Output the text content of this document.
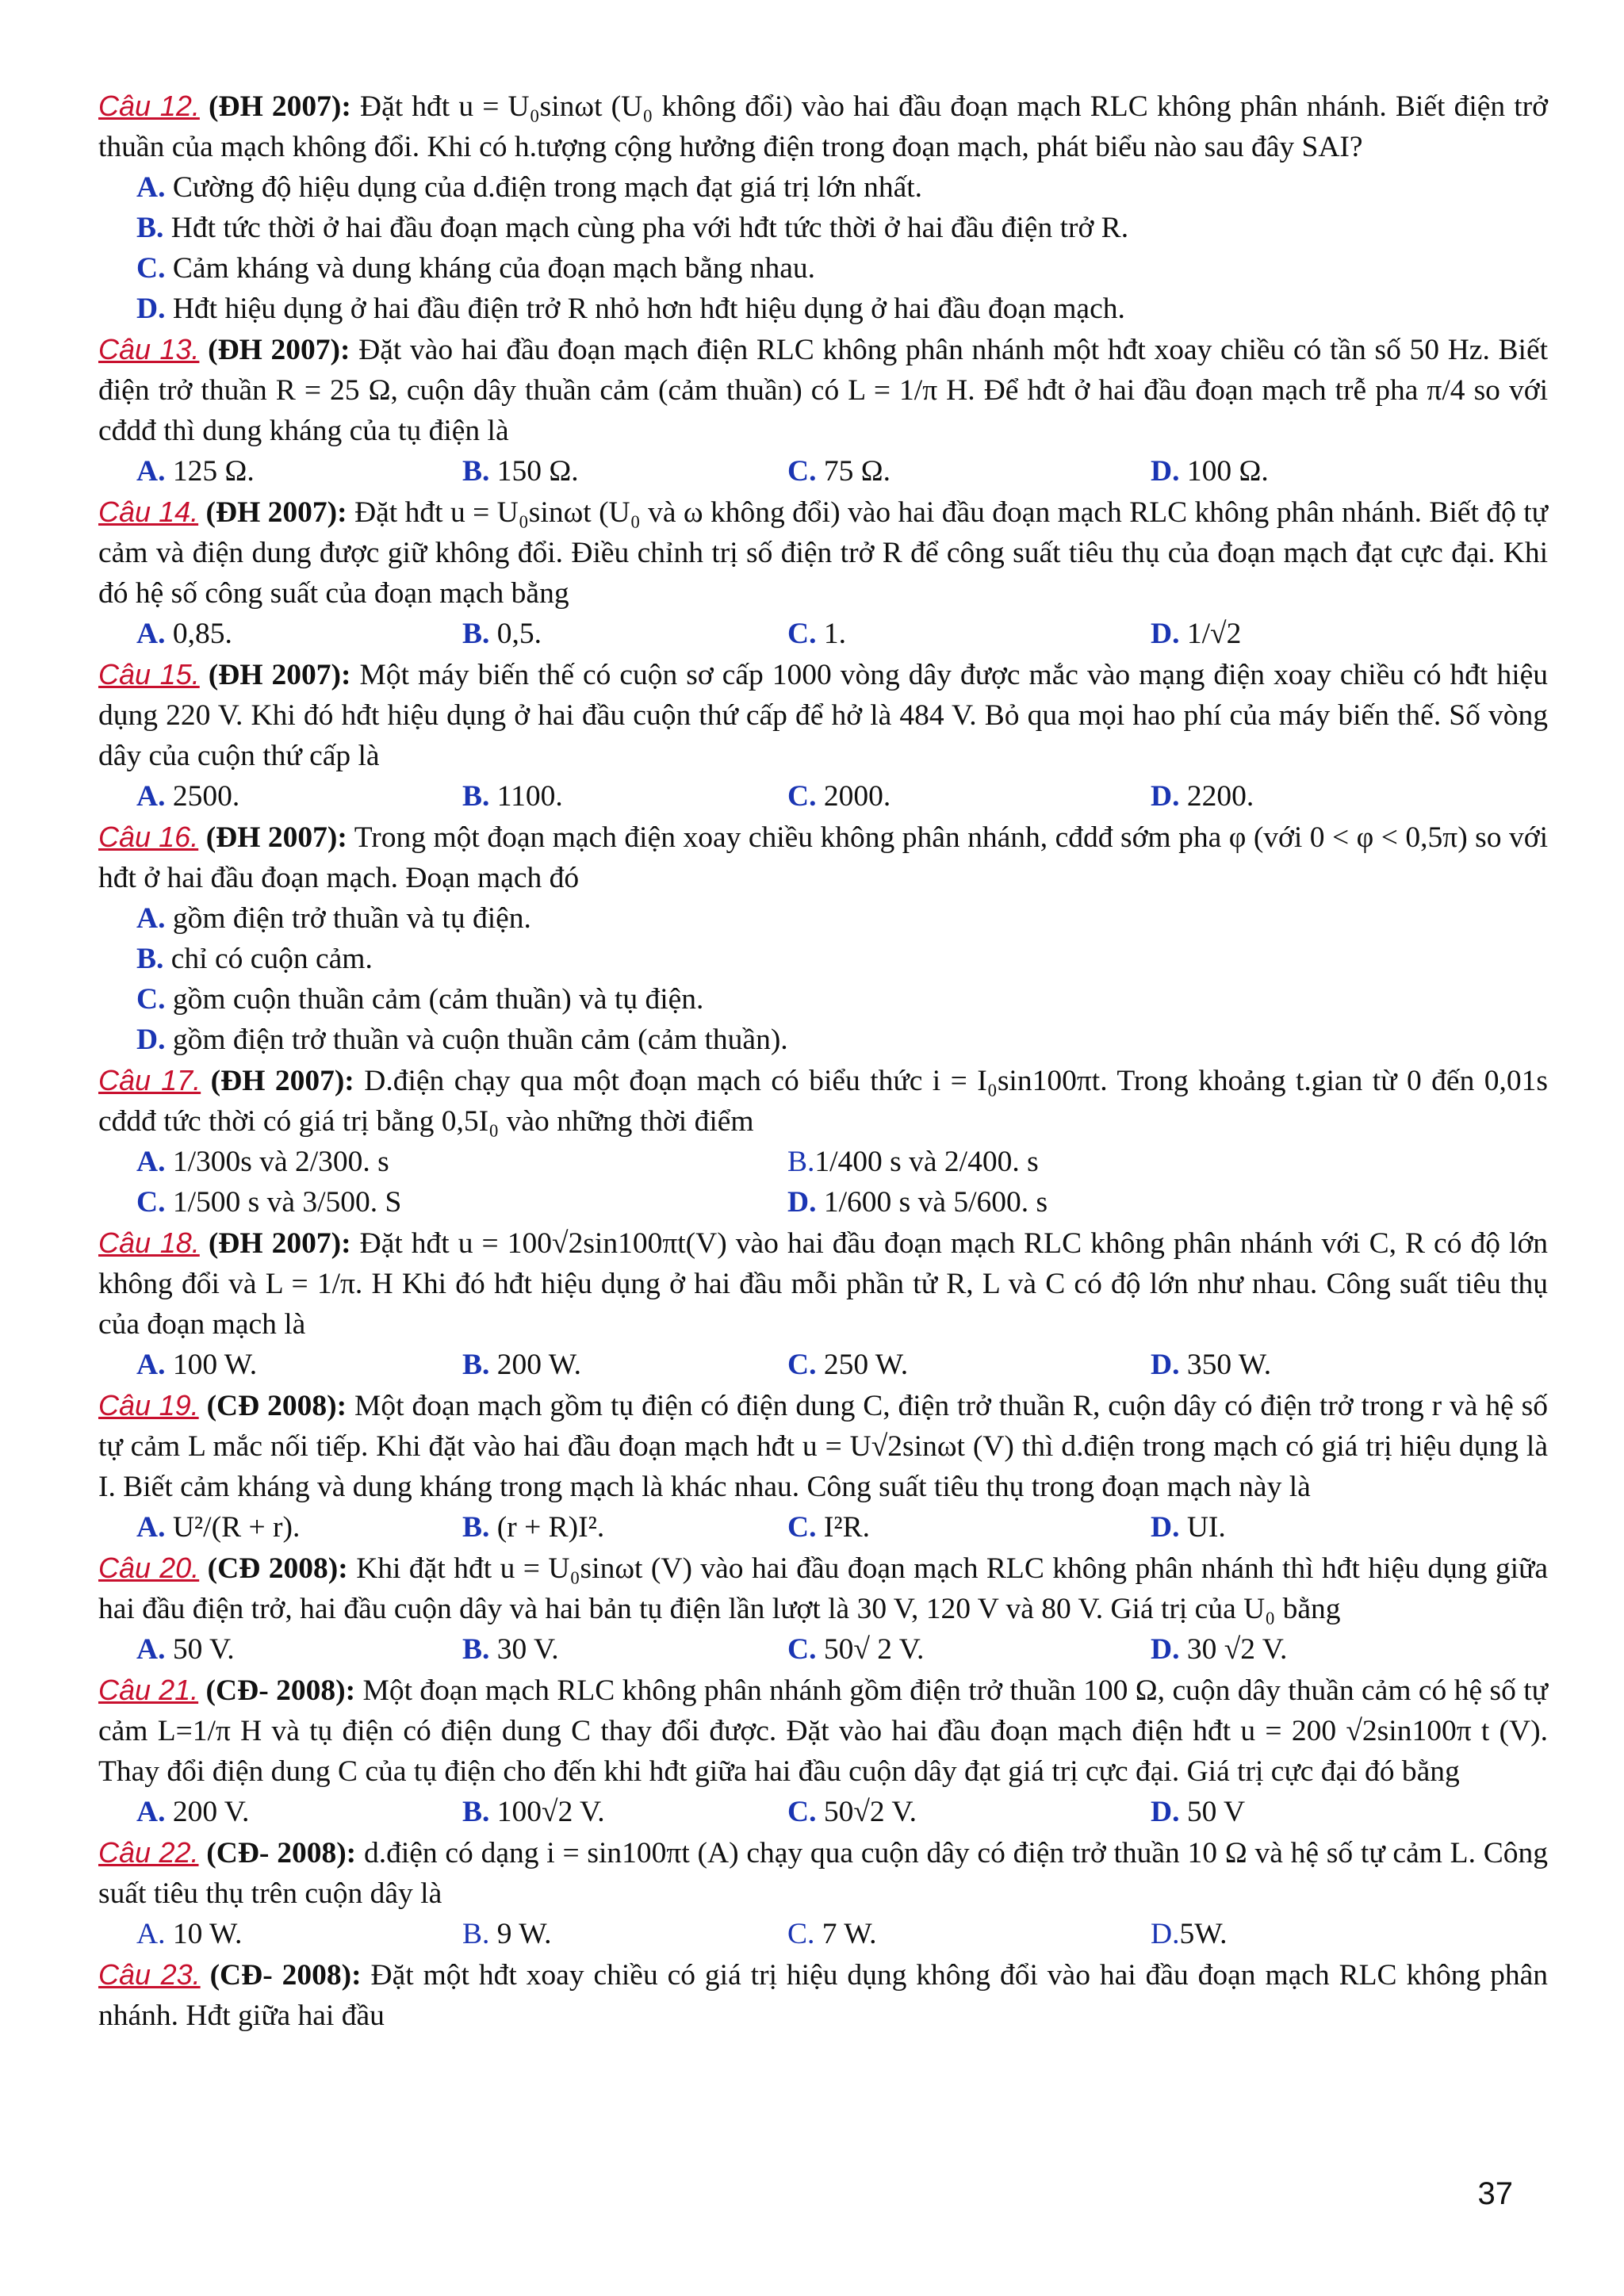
Câu 12. (ĐH 2007): Đặt hđt u = U₀sinωt (U₀ không đổi) vào hai đầu đoạn mạch RLC không phân nhánh. Biết điện trở thuần của mạch không đổi. Khi có h.tượng cộng hưởng điện trong đoạn mạch, phát biểu nào sau đây SAI?
A. Cường độ hiệu dụng của d.điện trong mạch đạt giá trị lớn nhất.
B. Hđt tức thời ở hai đầu đoạn mạch cùng pha với hđt tức thời ở hai đầu điện trở R.
C. Cảm kháng và dung kháng của đoạn mạch bằng nhau.
D. Hđt hiệu dụng ở hai đầu điện trở R nhỏ hơn hđt hiệu dụng ở hai đầu đoạn mạch.
Câu 13. (ĐH 2007): Đặt vào hai đầu đoạn mạch điện RLC không phân nhánh một hđt xoay chiều có tần số 50 Hz. Biết điện trở thuần R = 25 Ω, cuộn dây thuần cảm (cảm thuần) có L = 1/π H. Để hđt ở hai đầu đoạn mạch trễ pha π/4 so với cđdđ thì dung kháng của tụ điện là
A. 125 Ω.	B. 150 Ω.	C. 75 Ω.	D. 100 Ω.
Câu 14. (ĐH 2007): Đặt hđt u = U₀sinωt (U₀ và ω không đổi) vào hai đầu đoạn mạch RLC không phân nhánh. Biết độ tự cảm và điện dung được giữ không đổi. Điều chỉnh trị số điện trở R để công suất tiêu thụ của đoạn mạch đạt cực đại. Khi đó hệ số công suất của đoạn mạch bằng
A. 0,85.	B. 0,5.	C. 1.	D. 1/√2
Câu 15. (ĐH 2007): Một máy biến thế có cuộn sơ cấp 1000 vòng dây được mắc vào mạng điện xoay chiều có hđt hiệu dụng 220 V. Khi đó hđt hiệu dụng ở hai đầu cuộn thứ cấp để hở là 484 V. Bỏ qua mọi hao phí của máy biến thế. Số vòng dây của cuộn thứ cấp là
A. 2500.	B. 1100.	C. 2000.	D. 2200.
Câu 16. (ĐH 2007): Trong một đoạn mạch điện xoay chiều không phân nhánh, cđdđ sớm pha φ (với 0 < φ < 0,5π) so với hđt ở hai đầu đoạn mạch. Đoạn mạch đó
A. gồm điện trở thuần và tụ điện.
B. chỉ có cuộn cảm.
C. gồm cuộn thuần cảm (cảm thuần) và tụ điện.
D. gồm điện trở thuần và cuộn thuần cảm (cảm thuần).
Câu 17. (ĐH 2007): D.điện chạy qua một đoạn mạch có biểu thức i = I₀sin100πt. Trong khoảng t.gian từ 0 đến 0,01s cđdđ tức thời có giá trị bằng 0,5I₀ vào những thời điểm
A. 1/300s và 2/300. s	B.1/400 s và 2/400. s
C. 1/500 s và 3/500. S	D. 1/600 s và 5/600. s
Câu 18. (ĐH 2007): Đặt hđt u = 100√2sin100πt(V) vào hai đầu đoạn mạch RLC không phân nhánh với C, R có độ lớn không đổi và L = 1/π. H Khi đó hđt hiệu dụng ở hai đầu mỗi phần tử R, L và C có độ lớn như nhau. Công suất tiêu thụ của đoạn mạch là
A. 100 W.	B. 200 W.	C. 250 W.	D. 350 W.
Câu 19. (CĐ 2008): Một đoạn mạch gồm tụ điện có điện dung C, điện trở thuần R, cuộn dây có điện trở trong r và hệ số tự cảm L mắc nối tiếp. Khi đặt vào hai đầu đoạn mạch hđt u = U√2sinωt (V) thì d.điện trong mạch có giá trị hiệu dụng là I. Biết cảm kháng và dung kháng trong mạch là khác nhau. Công suất tiêu thụ trong đoạn mạch này là
A. U²/(R + r).	B. (r + R)I².	C. I²R.	D. UI.
Câu 20. (CĐ 2008): Khi đặt hđt u = U₀sinωt (V) vào hai đầu đoạn mạch RLC không phân nhánh thì hđt hiệu dụng giữa hai đầu điện trở, hai đầu cuộn dây và hai bản tụ điện lần lượt là 30 V, 120 V và 80 V. Giá trị của U₀ bằng
A. 50 V.	B. 30 V.	C. 50√ 2 V.	D. 30 √2 V.
Câu 21. (CĐ- 2008): Một đoạn mạch RLC không phân nhánh gồm điện trở thuần 100 Ω, cuộn dây thuần cảm có hệ số tự cảm L=1/π H và tụ điện có điện dung C thay đổi được. Đặt vào hai đầu đoạn mạch điện hđt u = 200 √2sin100π t (V). Thay đổi điện dung C của tụ điện cho đến khi hđt giữa hai đầu cuộn dây đạt giá trị cực đại. Giá trị cực đại đó bằng
A. 200 V.	B. 100√2 V.	C. 50√2 V.	D. 50 V
Câu 22. (CĐ- 2008): d.điện có dạng i = sin100πt (A) chạy qua cuộn dây có điện trở thuần 10 Ω và hệ số tự cảm L. Công suất tiêu thụ trên cuộn dây là
A. 10 W.	B. 9 W.	C. 7 W.	D.5W.
Câu 23. (CĐ- 2008): Đặt một hđt xoay chiều có giá trị hiệu dụng không đổi vào hai đầu đoạn mạch RLC không phân nhánh. Hđt giữa hai đầu
37
